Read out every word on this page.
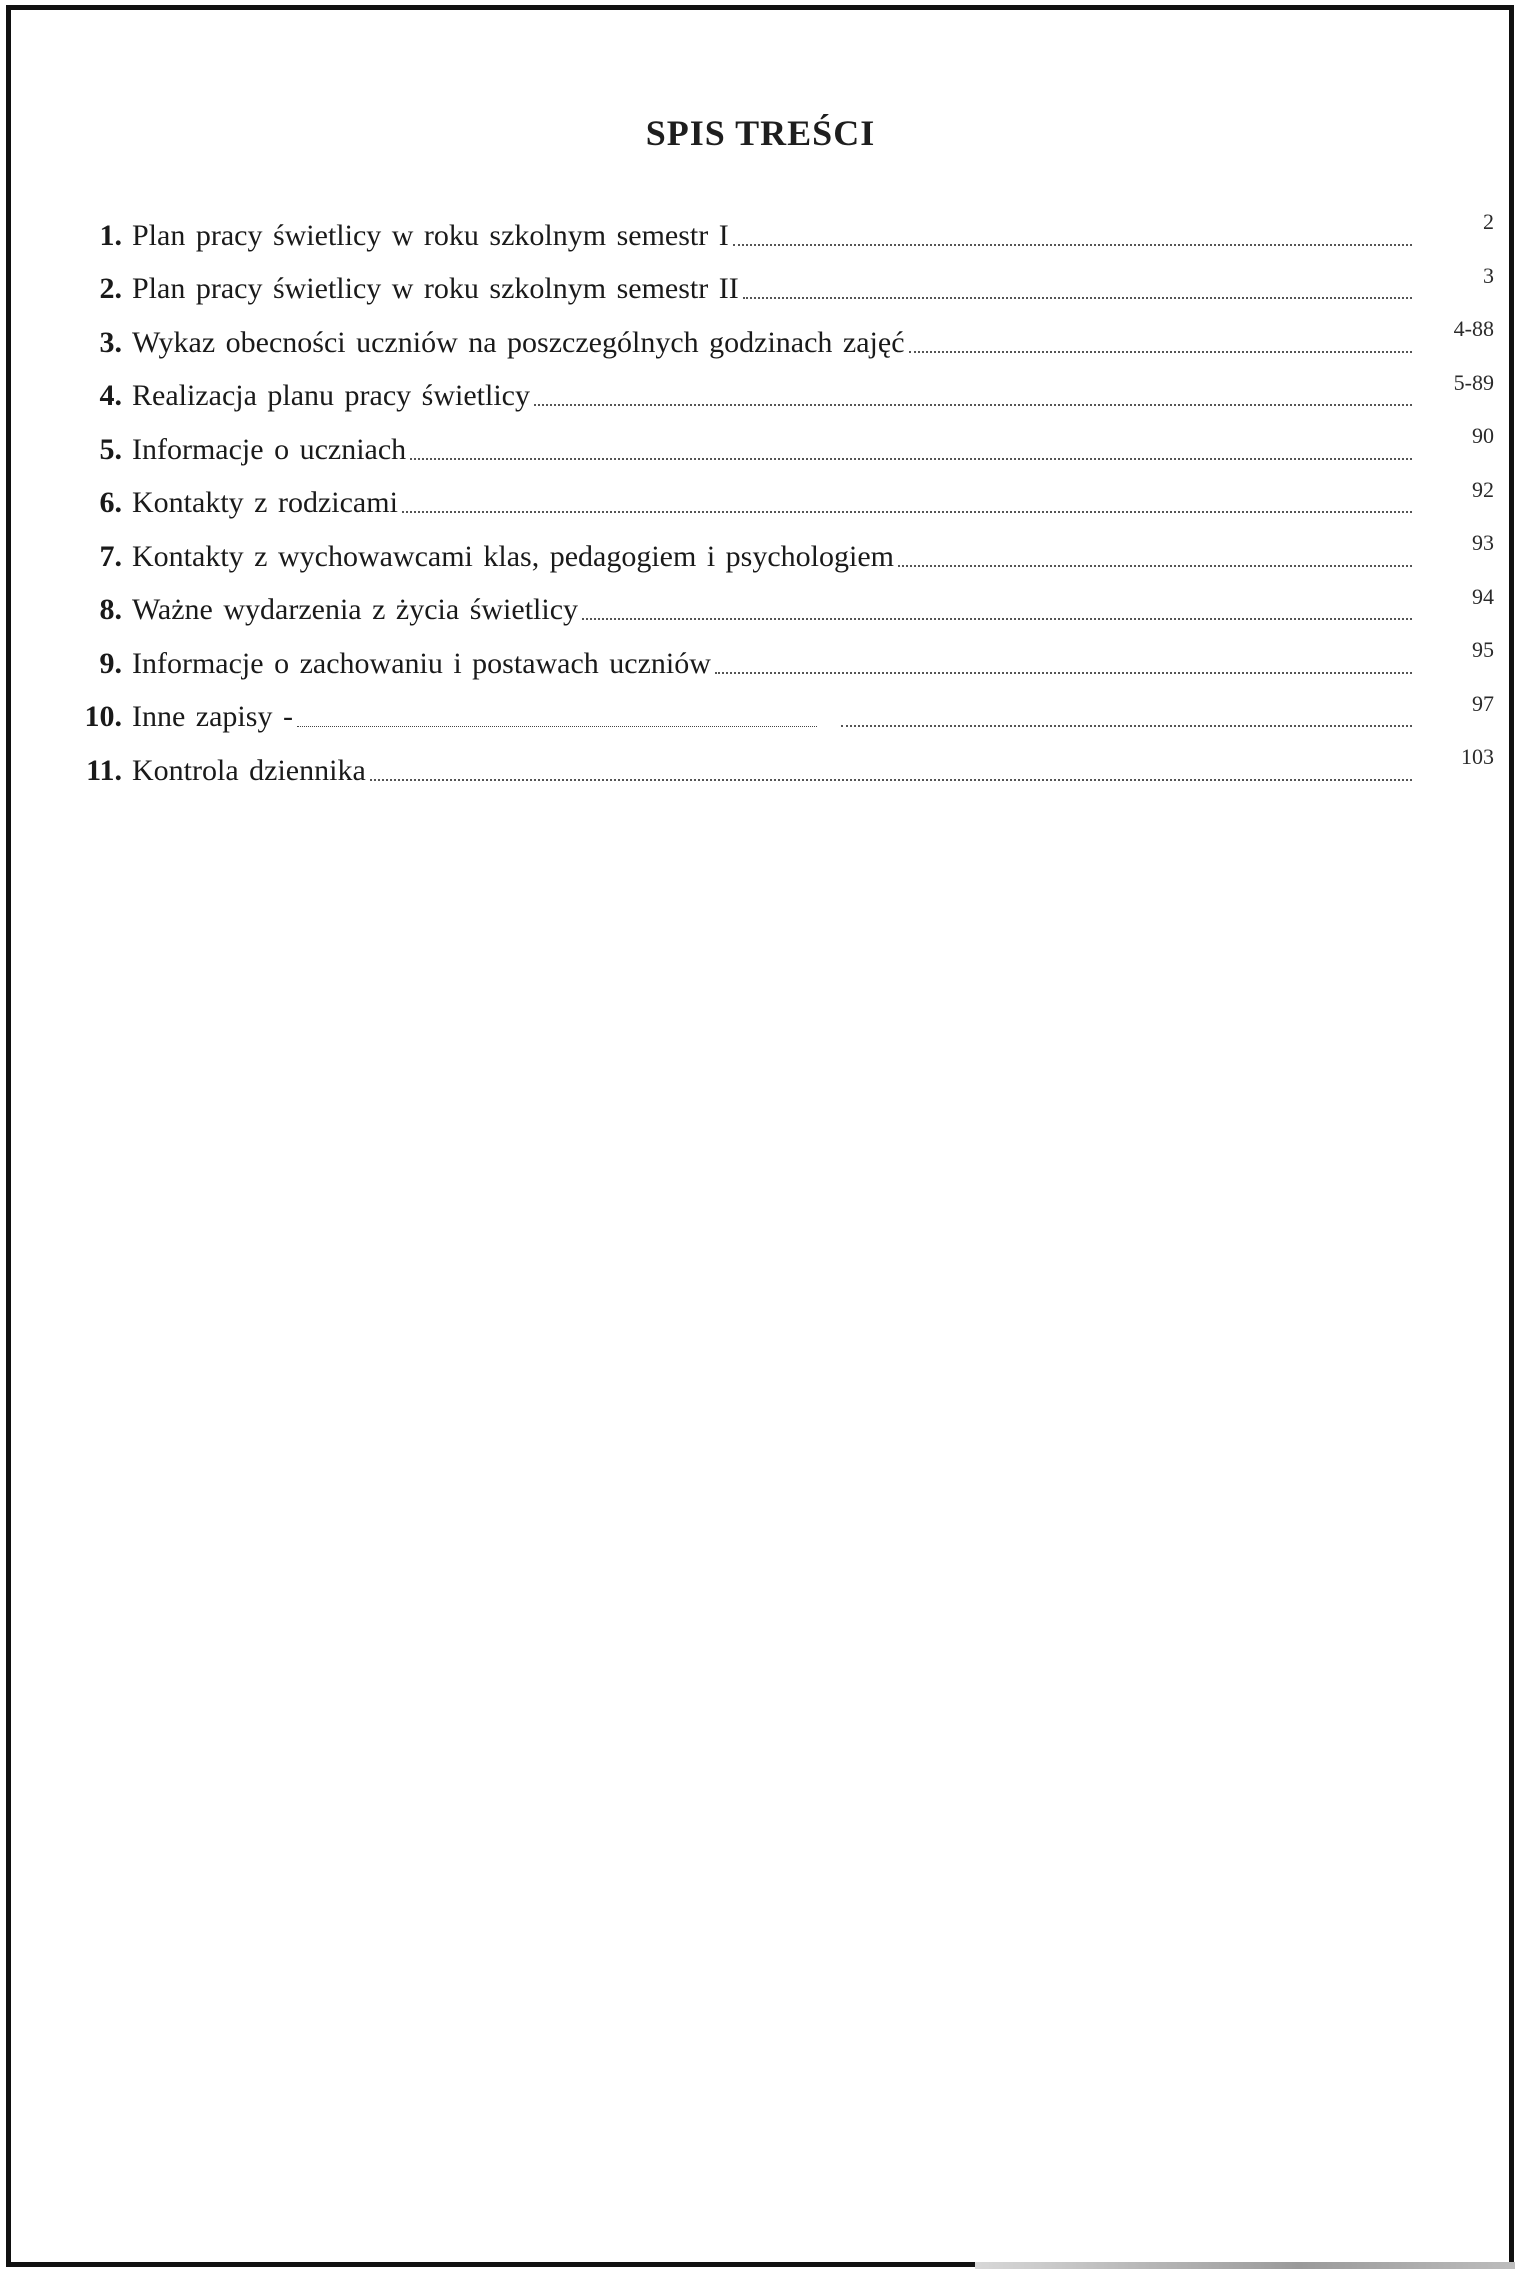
SPIS TREŚCI
1. Plan pracy świetlicy w roku szkolnym semestr I	2
2. Plan pracy świetlicy w roku szkolnym semestr II	3
3. Wykaz obecności uczniów na poszczególnych godzinach zajęć	4-88
4. Realizacja planu pracy świetlicy	5-89
5. Informacje o uczniach	90
6. Kontakty z rodzicami	92
7. Kontakty z wychowawcami klas, pedagogiem i psychologiem	93
8. Ważne wydarzenia z życia świetlicy	94
9. Informacje o zachowaniu i postawach uczniów	95
10. Inne zapisy -	97
11. Kontrola dziennika	103
